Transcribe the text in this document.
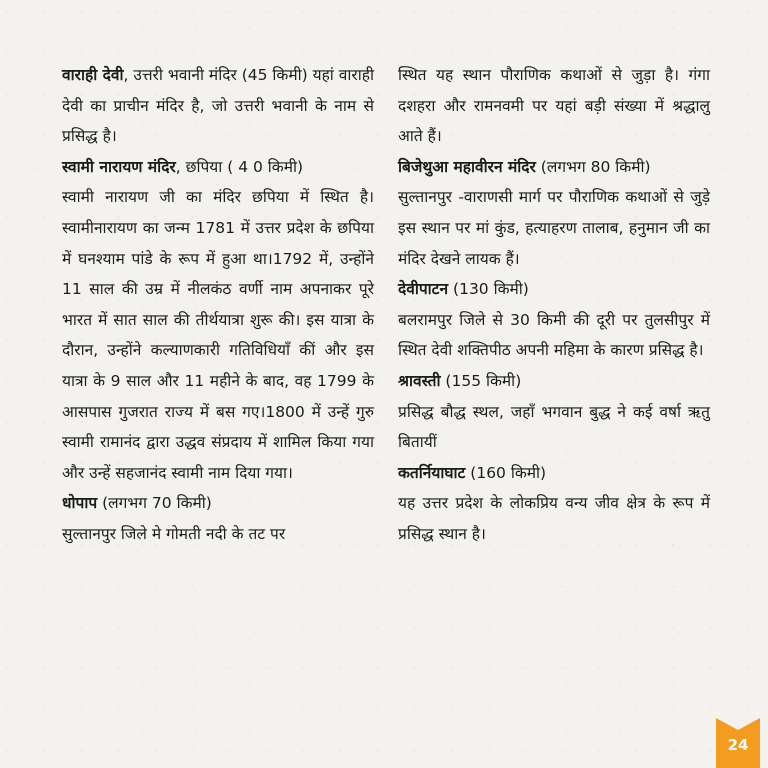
वाराही देवी, उत्तरी भवानी मंदिर (45 किमी) यहां वाराही देवी का प्राचीन मंदिर है, जो उत्तरी भवानी के नाम से प्रसिद्ध है।

स्वामी नारायण मंदिर, छपिया ( 4 0 किमी)

स्वामी नारायण जी का मंदिर छपिया में स्थित है। स्वामीनारायण का जन्म 1781 में उत्तर प्रदेश के छपिया में घनश्याम पांडे के रूप में हुआ था।1792 में, उन्होंने 11 साल की उम्र में नीलकंठ वर्णी नाम अपनाकर पूरे भारत में सात साल की तीर्थयात्रा शुरू की। इस यात्रा के दौरान, उन्होंने कल्याणकारी गतिविधियाँ कीं और इस यात्रा के 9 साल और 11 महीने के बाद, वह 1799 के आसपास गुजरात राज्य में बस गए।1800 में उन्हें गुरु स्वामी रामानंद द्वारा उद्धव संप्रदाय में शामिल किया गया और उन्हें सहजानंद स्वामी नाम दिया गया।

धोपाप (लगभग 70 किमी)

सुल्तानपुर जिले मे गोमती नदी के तट पर

स्थित यह स्थान पौराणिक कथाओं से जुड़ा है। गंगा दशहरा और रामनवमी पर यहां बड़ी संख्या में श्रद्धालु आते हैं।

बिजेथुआ महावीरन मंदिर (लगभग 80 किमी)

सुल्तानपुर -वाराणसी मार्ग पर पौराणिक कथाओं से जुड़े इस स्थान पर मां कुंड, हत्याहरण तालाब, हनुमान जी का मंदिर देखने लायक हैं।

देवीपाटन (130 किमी)

बलरामपुर जिले से 30 किमी की दूरी पर तुलसीपुर में स्थित देवी शक्तिपीठ अपनी महिमा के कारण प्रसिद्ध है।

श्रावस्ती (155 किमी)

प्रसिद्ध बौद्ध स्थल, जहाँ भगवान बुद्ध ने कई वर्षा ऋतु बितायीं

कतर्नियाघाट (160 किमी)

यह उत्तर प्रदेश के लोकप्रिय वन्य जीव क्षेत्र के रूप में प्रसिद्ध स्थान है।

24
